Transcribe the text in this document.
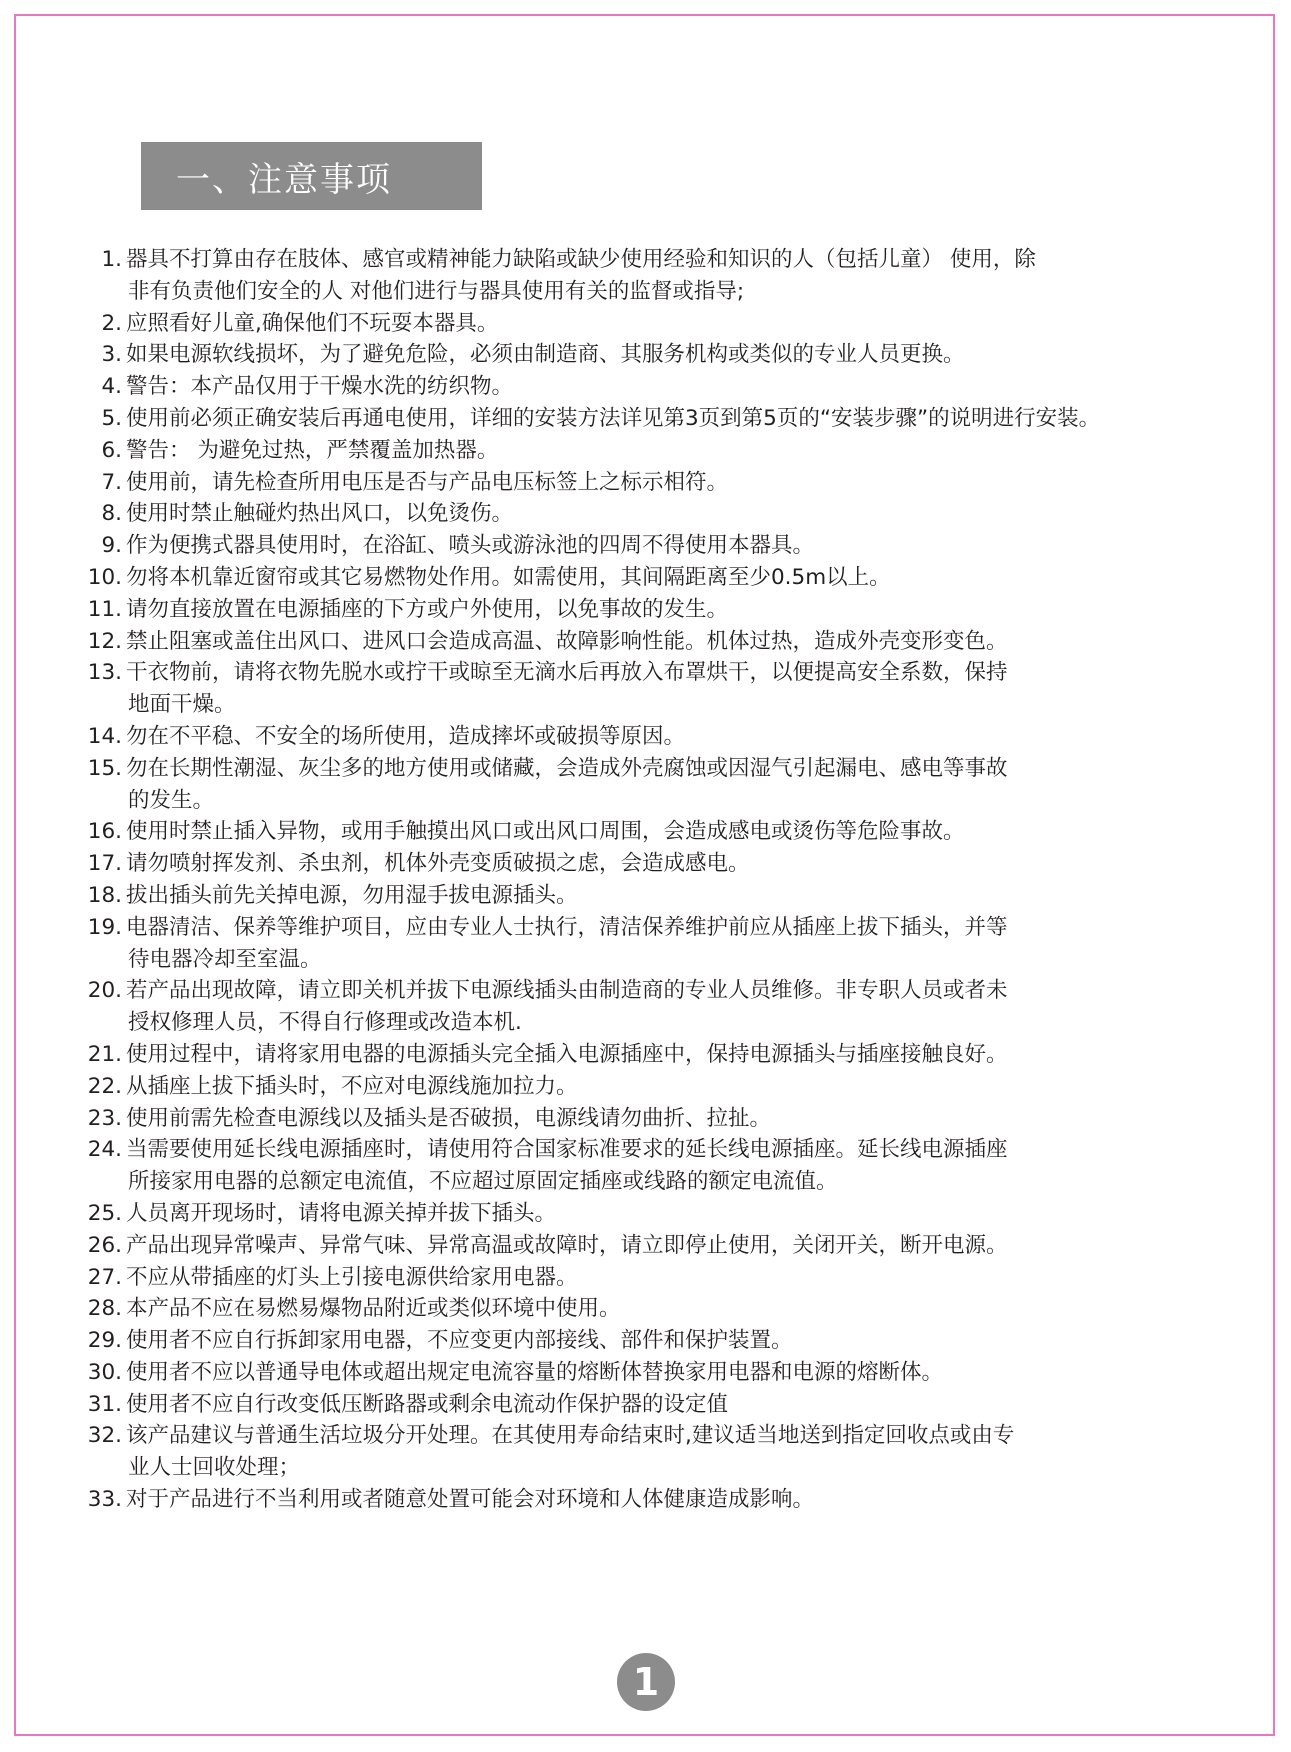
一、注意事项
1. 器具不打算由存在肢体、感官或精神能力缺陷或缺少使用经验和知识的人（包括儿童） 使用，除
非有负责他们安全的人 对他们进行与器具使用有关的监督或指导;
2. 应照看好儿童,确保他们不玩耍本器具。
3. 如果电源软线损坏，为了避免危险，必须由制造商、其服务机构或类似的专业人员更换。
4. 警告：本产品仅用于干燥水洗的纺织物。
5. 使用前必须正确安装后再通电使用，详细的安装方法详见第3页到第5页的“安装步骤”的说明进行安装。
6. 警告： 为避免过热，严禁覆盖加热器。
7. 使用前，请先检查所用电压是否与产品电压标签上之标示相符。
8. 使用时禁止触碰灼热出风口，以免烫伤。
9. 作为便携式器具使用时，在浴缸、喷头或游泳池的四周不得使用本器具。
10. 勿将本机靠近窗帘或其它易燃物处作用。如需使用，其间隔距离至少0.5m以上。
11. 请勿直接放置在电源插座的下方或户外使用，以免事故的发生。
12. 禁止阻塞或盖住出风口、进风口会造成高温、故障影响性能。机体过热，造成外壳变形变色。
13. 干衣物前，请将衣物先脱水或拧干或晾至无滴水后再放入布罩烘干，以便提高安全系数，保持
地面干燥。
14. 勿在不平稳、不安全的场所使用，造成摔坏或破损等原因。
15. 勿在长期性潮湿、灰尘多的地方使用或储藏，会造成外壳腐蚀或因湿气引起漏电、感电等事故
的发生。
16. 使用时禁止插入异物，或用手触摸出风口或出风口周围，会造成感电或烫伤等危险事故。
17. 请勿喷射挥发剂、杀虫剂，机体外壳变质破损之虑，会造成感电。
18. 拔出插头前先关掉电源，勿用湿手拔电源插头。
19. 电器清洁、保养等维护项目，应由专业人士执行，清洁保养维护前应从插座上拔下插头，并等
待电器冷却至室温。
20. 若产品出现故障，请立即关机并拔下电源线插头由制造商的专业人员维修。非专职人员或者未
授权修理人员，不得自行修理或改造本机.
21. 使用过程中，请将家用电器的电源插头完全插入电源插座中，保持电源插头与插座接触良好。
22. 从插座上拔下插头时，不应对电源线施加拉力。
23. 使用前需先检查电源线以及插头是否破损，电源线请勿曲折、拉扯。
24. 当需要使用延长线电源插座时，请使用符合国家标准要求的延长线电源插座。延长线电源插座
所接家用电器的总额定电流值，不应超过原固定插座或线路的额定电流值。
25. 人员离开现场时，请将电源关掉并拔下插头。
26. 产品出现异常噪声、异常气味、异常高温或故障时，请立即停止使用，关闭开关，断开电源。
27. 不应从带插座的灯头上引接电源供给家用电器。
28. 本产品不应在易燃易爆物品附近或类似环境中使用。
29. 使用者不应自行拆卸家用电器，不应变更内部接线、部件和保护装置。
30. 使用者不应以普通导电体或超出规定电流容量的熔断体替换家用电器和电源的熔断体。
31. 使用者不应自行改变低压断路器或剩余电流动作保护器的设定值
32. 该产品建议与普通生活垃圾分开处理。在其使用寿命结束时,建议适当地送到指定回收点或由专
业人士回收处理；
33. 对于产品进行不当利用或者随意处置可能会对环境和人体健康造成影响。
1
